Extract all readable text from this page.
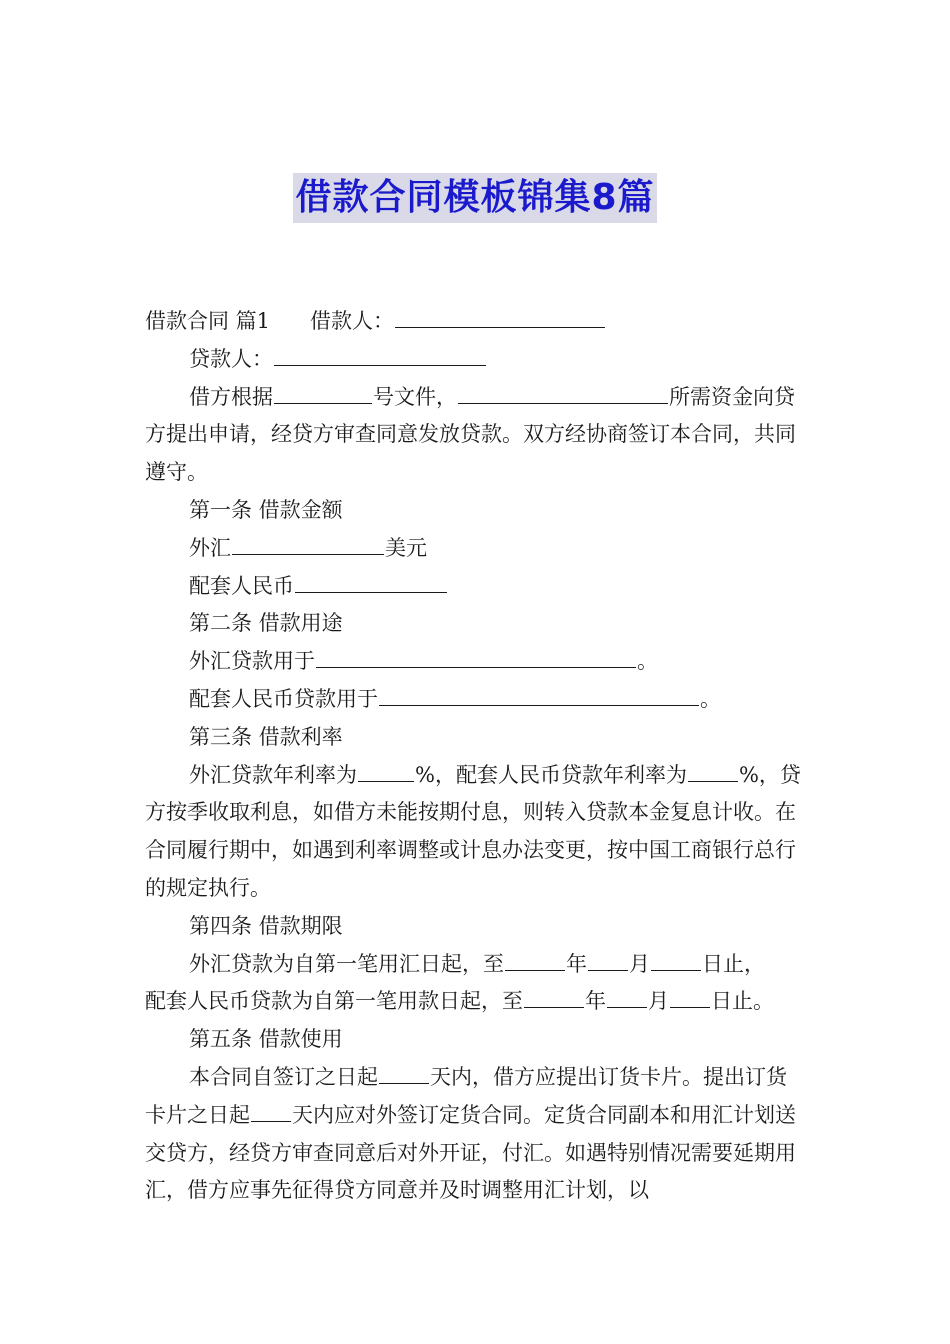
借款合同模板锦集8篇

借款合同 篇1 借款人：

贷款人：

借方根据	号文件，	所需资金向贷方提出申请，经贷方审查同意发放贷款。双方经协商签订本合同，共同遵守。

第一条 借款金额

外汇	美元

配套人民币

第二条 借款用途

外汇贷款用于	。

配套人民币贷款用于	。

第三条 借款利率

外汇贷款年利率为	%，配套人民币贷款年利率为 %，贷方按季收取利息，如借方未能按期付息，则转入贷款本金复息计收。在合同履行期中，如遇到利率调整或计息办法变更，按中国工商银行总行的规定执行。

第四条 借款期限

外汇贷款为自第一笔用汇日起，至	年 月 日止，

配套人民币贷款为自第一笔用款日起，至	年 月 日止。

第五条 借款使用

本合同自签订之日起 天内，借方应提出订货卡片。提出订货卡片之日起 天内应对外签订定货合同。定货合同副本和用汇计划送交贷方，经贷方审查同意后对外开证，付汇。如遇特别情况需要延期用汇，借方应事先征得贷方同意并及时调整用汇计划，以
